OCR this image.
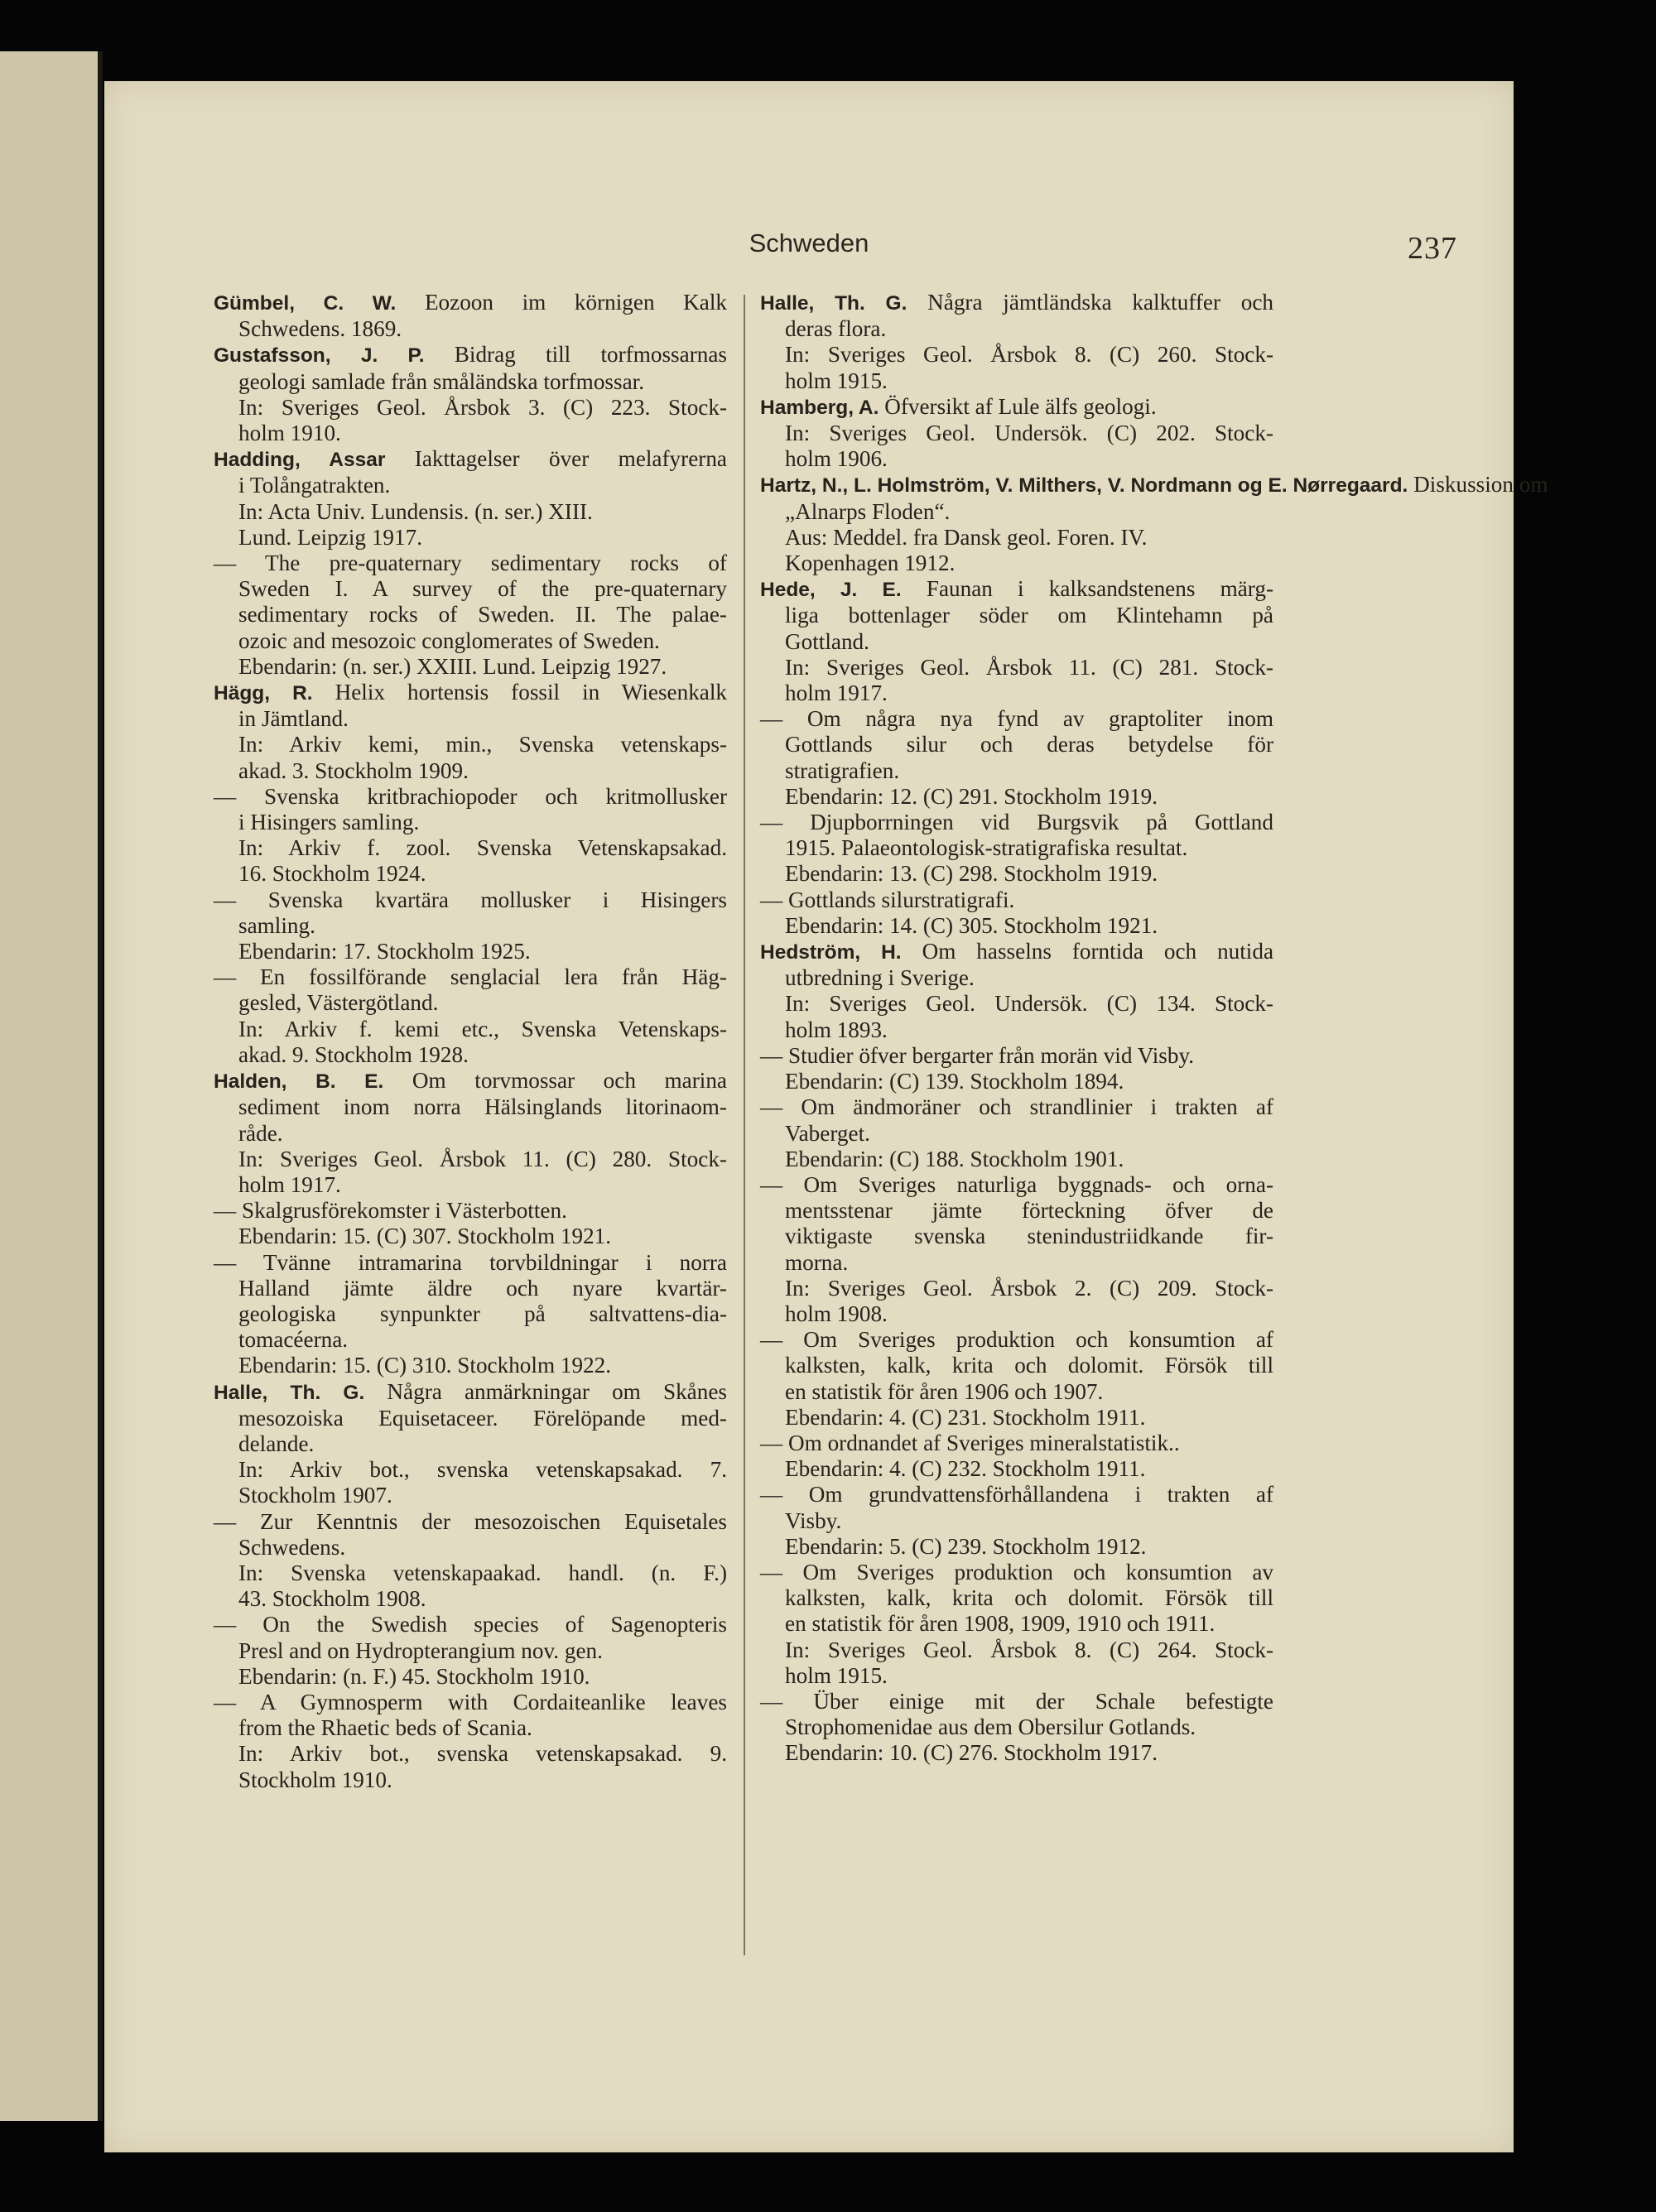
Schweden	237
Gümbel, C. W. Eozoon im körnigen Kalk
Schwedens. 1869.
Gustafsson, J. P. Bidrag till torfmossarnas
geologi samlade från småländska torfmossar.
In: Sveriges Geol. Årsbok 3. (C) 223. Stock-
holm 1910.
Hadding, Assar Iakttagelser över melafyrerna
i Tolångatrakten.
In: Acta Univ. Lundensis. (n. ser.) XIII.
Lund. Leipzig 1917.
— The pre-quaternary sedimentary rocks of
Sweden I. A survey of the pre-quaternary
sedimentary rocks of Sweden. II. The palae-
ozoic and mesozoic conglomerates of Sweden.
Ebendarin: (n. ser.) XXIII. Lund. Leipzig 1927.
Hägg, R. Helix hortensis fossil in Wiesenkalk
in Jämtland.
In: Arkiv kemi, min., Svenska vetenskaps-
akad. 3. Stockholm 1909.
— Svenska kritbrachiopoder och kritmollusker
i Hisingers samling.
In: Arkiv f. zool. Svenska Vetenskapsakad.
16. Stockholm 1924.
— Svenska kvartära mollusker i Hisingers
samling.
Ebendarin: 17. Stockholm 1925.
— En fossilförande senglacial lera från Häg-
gesled, Västergötland.
In: Arkiv f. kemi etc., Svenska Vetenskaps-
akad. 9. Stockholm 1928.
Halden, B. E. Om torvmossar och marina
sediment inom norra Hälsinglands litorinaom-
råde.
In: Sveriges Geol. Årsbok 11. (C) 280. Stock-
holm 1917.
— Skalgrusförekomster i Västerbotten.
Ebendarin: 15. (C) 307. Stockholm 1921.
— Tvänne intramarina torvbildningar i norra
Halland jämte äldre och nyare kvartär-
geologiska synpunkter på saltvattens-dia-
tomacéerna.
Ebendarin: 15. (C) 310. Stockholm 1922.
Halle, Th. G. Några anmärkningar om Skånes
mesozoiska Equisetaceer. Förelöpande med-
delande.
In: Arkiv bot., svenska vetenskapsakad. 7.
Stockholm 1907.
— Zur Kenntnis der mesozoischen Equisetales
Schwedens.
In: Svenska vetenskapaakad. handl. (n. F.)
43. Stockholm 1908.
— On the Swedish species of Sagenopteris
Presl and on Hydropterangium nov. gen.
Ebendarin: (n. F.) 45. Stockholm 1910.
— A Gymnosperm with Cordaiteanlike leaves
from the Rhaetic beds of Scania.
In: Arkiv bot., svenska vetenskapsakad. 9.
Stockholm 1910.
Halle, Th. G. Några jämtländska kalktuffer och
deras flora.
In: Sveriges Geol. Årsbok 8. (C) 260. Stock-
holm 1915.
Hamberg, A. Öfversikt af Lule älfs geologi.
In: Sveriges Geol. Undersök. (C) 202. Stock-
holm 1906.
Hartz, N., L. Holmström, V. Milthers, V. Nordmann og E. Nørregaard. Diskussion om
„Alnarps Floden“.
Aus: Meddel. fra Dansk geol. Foren. IV.
Kopenhagen 1912.
Hede, J. E. Faunan i kalksandstenens märg-
liga bottenlager söder om Klintehamn på
Gottland.
In: Sveriges Geol. Årsbok 11. (C) 281. Stock-
holm 1917.
— Om några nya fynd av graptoliter inom
Gottlands silur och deras betydelse för
stratigrafien.
Ebendarin: 12. (C) 291. Stockholm 1919.
— Djupborrningen vid Burgsvik på Gottland
1915. Palaeontologisk-stratigrafiska resultat.
Ebendarin: 13. (C) 298. Stockholm 1919.
— Gottlands silurstratigrafi.
Ebendarin: 14. (C) 305. Stockholm 1921.
Hedström, H. Om hasselns forntida och nutida
utbredning i Sverige.
In: Sveriges Geol. Undersök. (C) 134. Stock-
holm 1893.
— Studier öfver bergarter från morän vid Visby.
Ebendarin: (C) 139. Stockholm 1894.
— Om ändmoräner och strandlinier i trakten af
Vaberget.
Ebendarin: (C) 188. Stockholm 1901.
— Om Sveriges naturliga byggnads- och orna-
mentsstenar jämte förteckning öfver de
viktigaste svenska stenindustriidkande fir-
morna.
In: Sveriges Geol. Årsbok 2. (C) 209. Stock-
holm 1908.
— Om Sveriges produktion och konsumtion af
kalksten, kalk, krita och dolomit. Försök till
en statistik för åren 1906 och 1907.
Ebendarin: 4. (C) 231. Stockholm 1911.
— Om ordnandet af Sveriges mineralstatistik..
Ebendarin: 4. (C) 232. Stockholm 1911.
— Om grundvattensförhållandena i trakten af
Visby.
Ebendarin: 5. (C) 239. Stockholm 1912.
— Om Sveriges produktion och konsumtion av
kalksten, kalk, krita och dolomit. Försök till
en statistik för åren 1908, 1909, 1910 och 1911.
In: Sveriges Geol. Årsbok 8. (C) 264. Stock-
holm 1915.
— Über einige mit der Schale befestigte
Strophomenidae aus dem Obersilur Gotlands.
Ebendarin: 10. (C) 276. Stockholm 1917.
